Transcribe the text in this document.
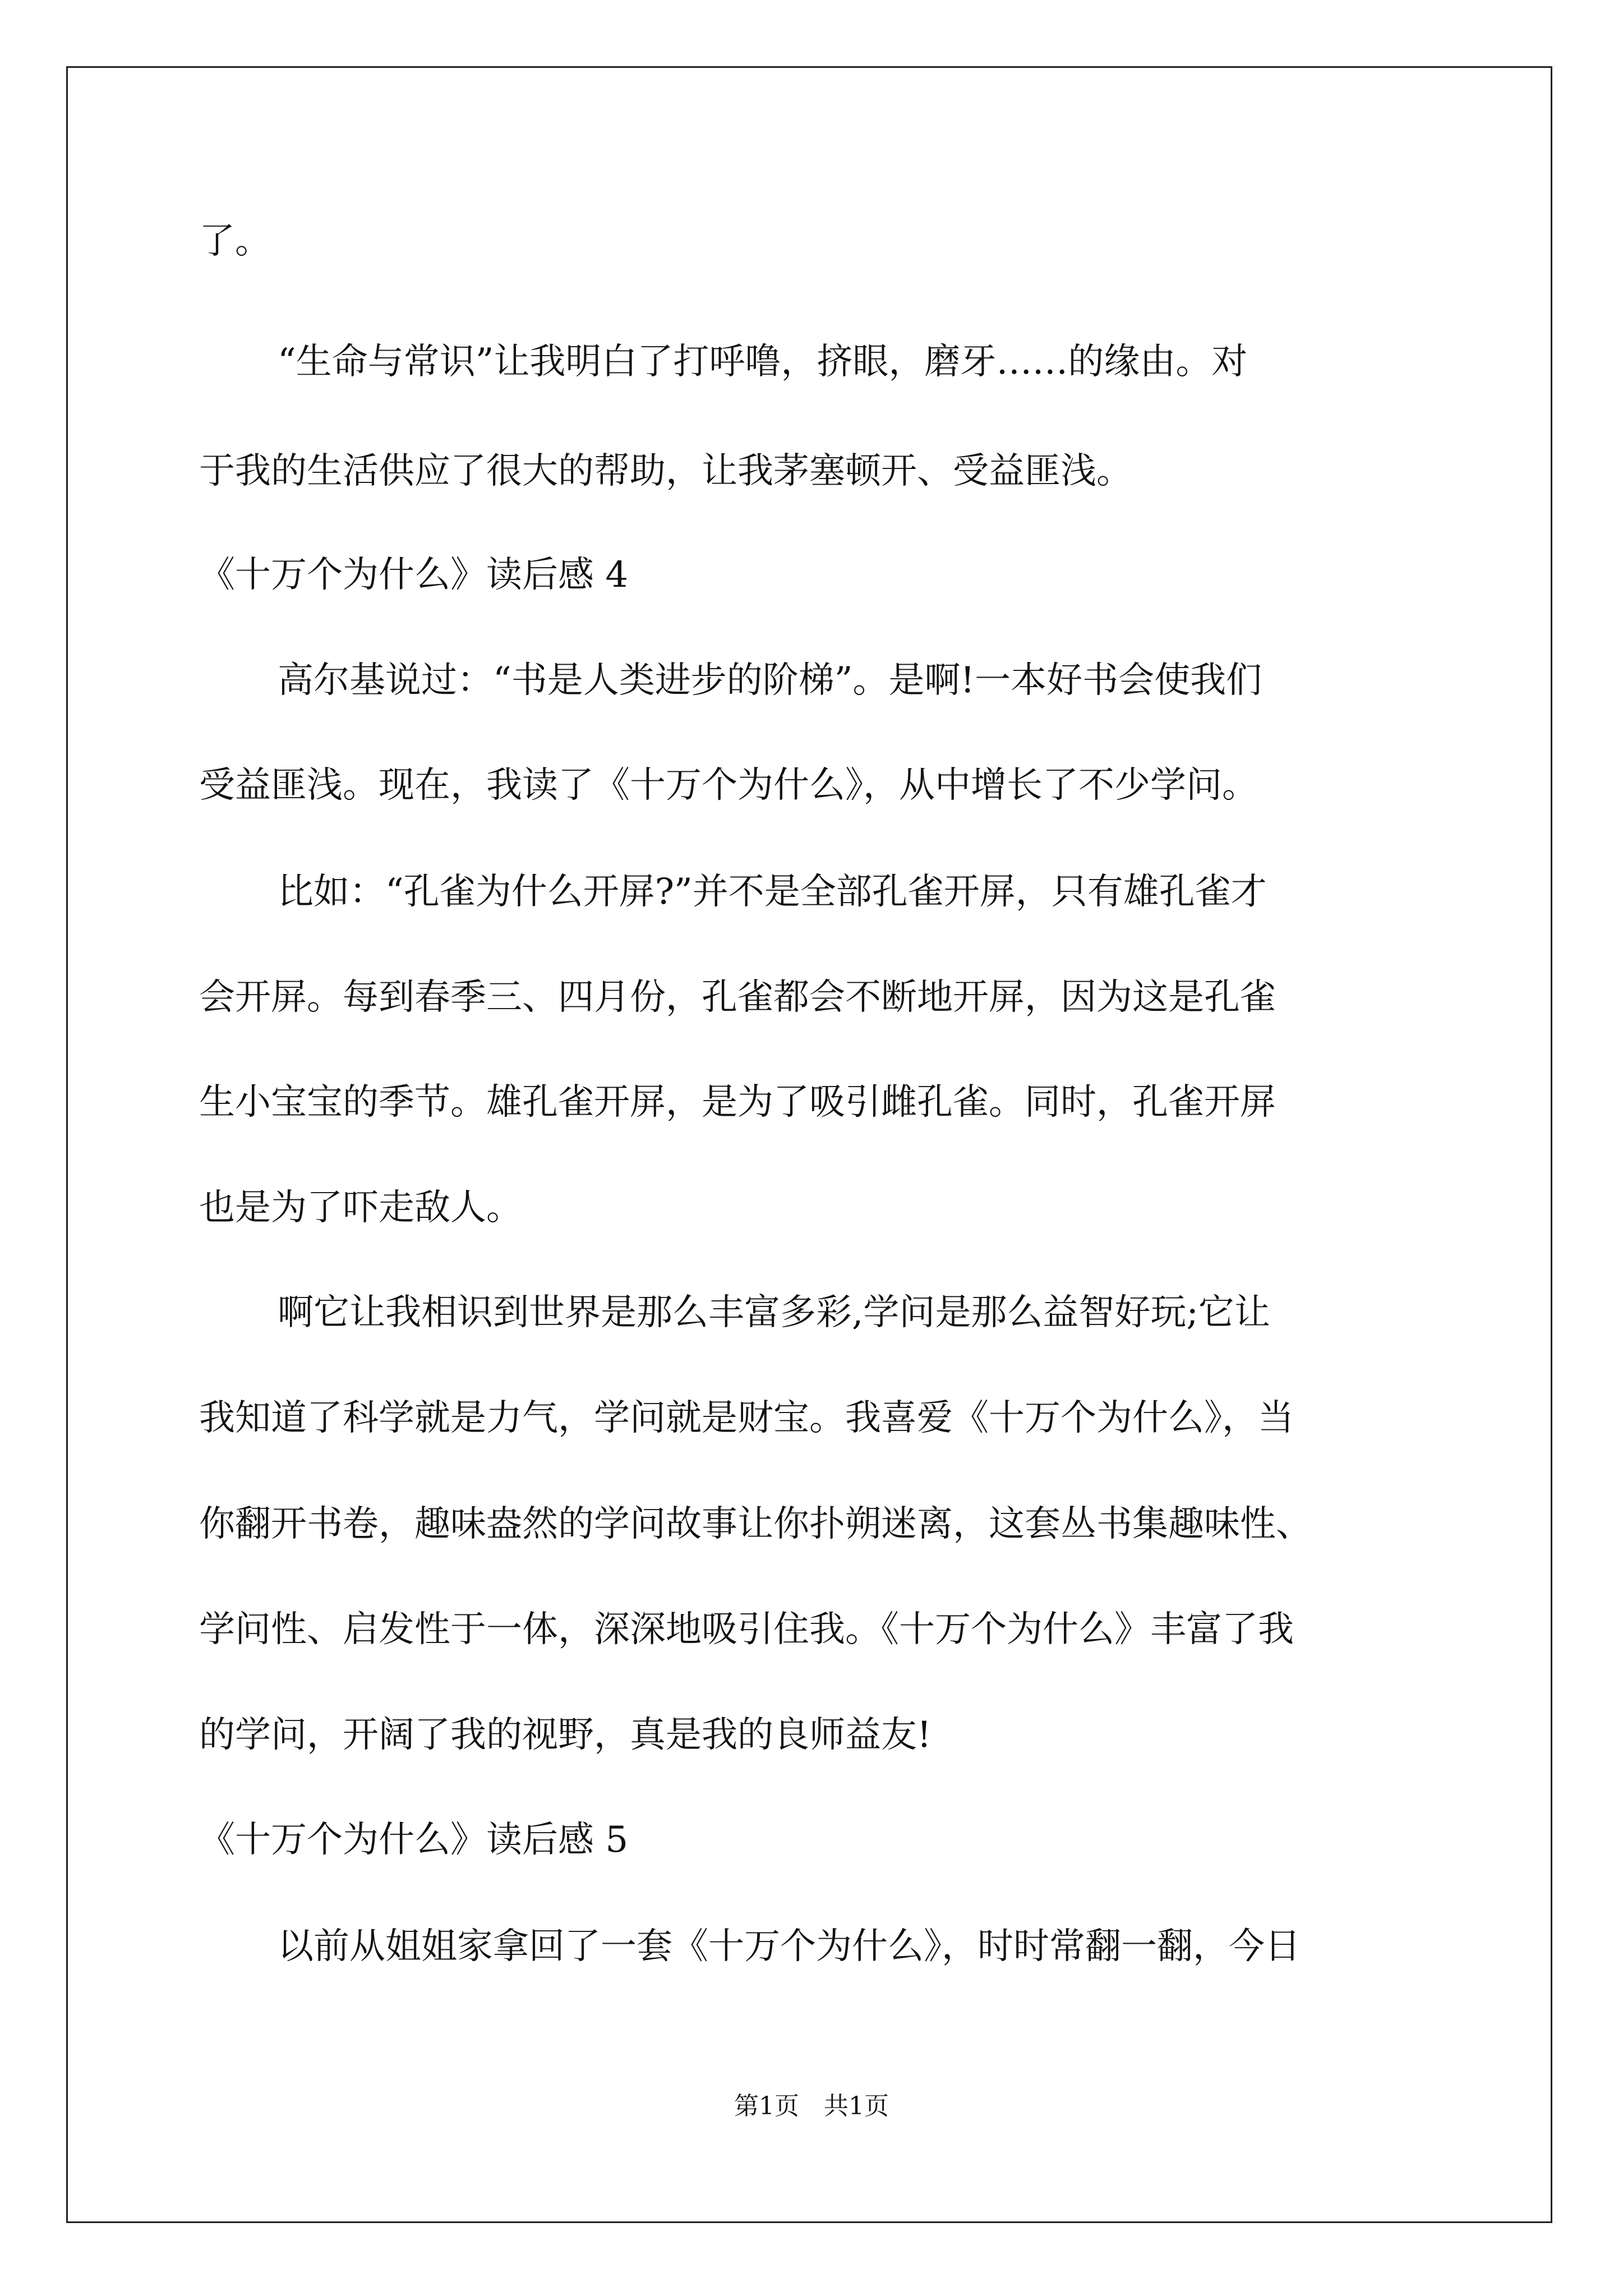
了。

“生命与常识”让我明白了打呼噜，挤眼，磨牙……的缘由。对

于我的生活供应了很大的帮助，让我茅塞顿开、受益匪浅。

《十万个为什么》读后感 4

高尔基说过：“书是人类进步的阶梯”。是啊!一本好书会使我们

受益匪浅。现在，我读了《十万个为什么》，从中增长了不少学问。

比如：“孔雀为什么开屏?”并不是全部孔雀开屏，只有雄孔雀才

会开屏。每到春季三、四月份，孔雀都会不断地开屏，因为这是孔雀

生小宝宝的季节。雄孔雀开屏，是为了吸引雌孔雀。同时，孔雀开屏

也是为了吓走敌人。

啊它让我相识到世界是那么丰富多彩,学问是那么益智好玩;它让

我知道了科学就是力气，学问就是财宝。我喜爱《十万个为什么》，当

你翻开书卷，趣味盎然的学问故事让你扑朔迷离，这套丛书集趣味性、

学问性、启发性于一体，深深地吸引住我。《十万个为什么》丰富了我

的学问，开阔了我的视野，真是我的良师益友!

《十万个为什么》读后感 5

以前从姐姐家拿回了一套《十万个为什么》，时时常翻一翻，今日

第1页　共1页
